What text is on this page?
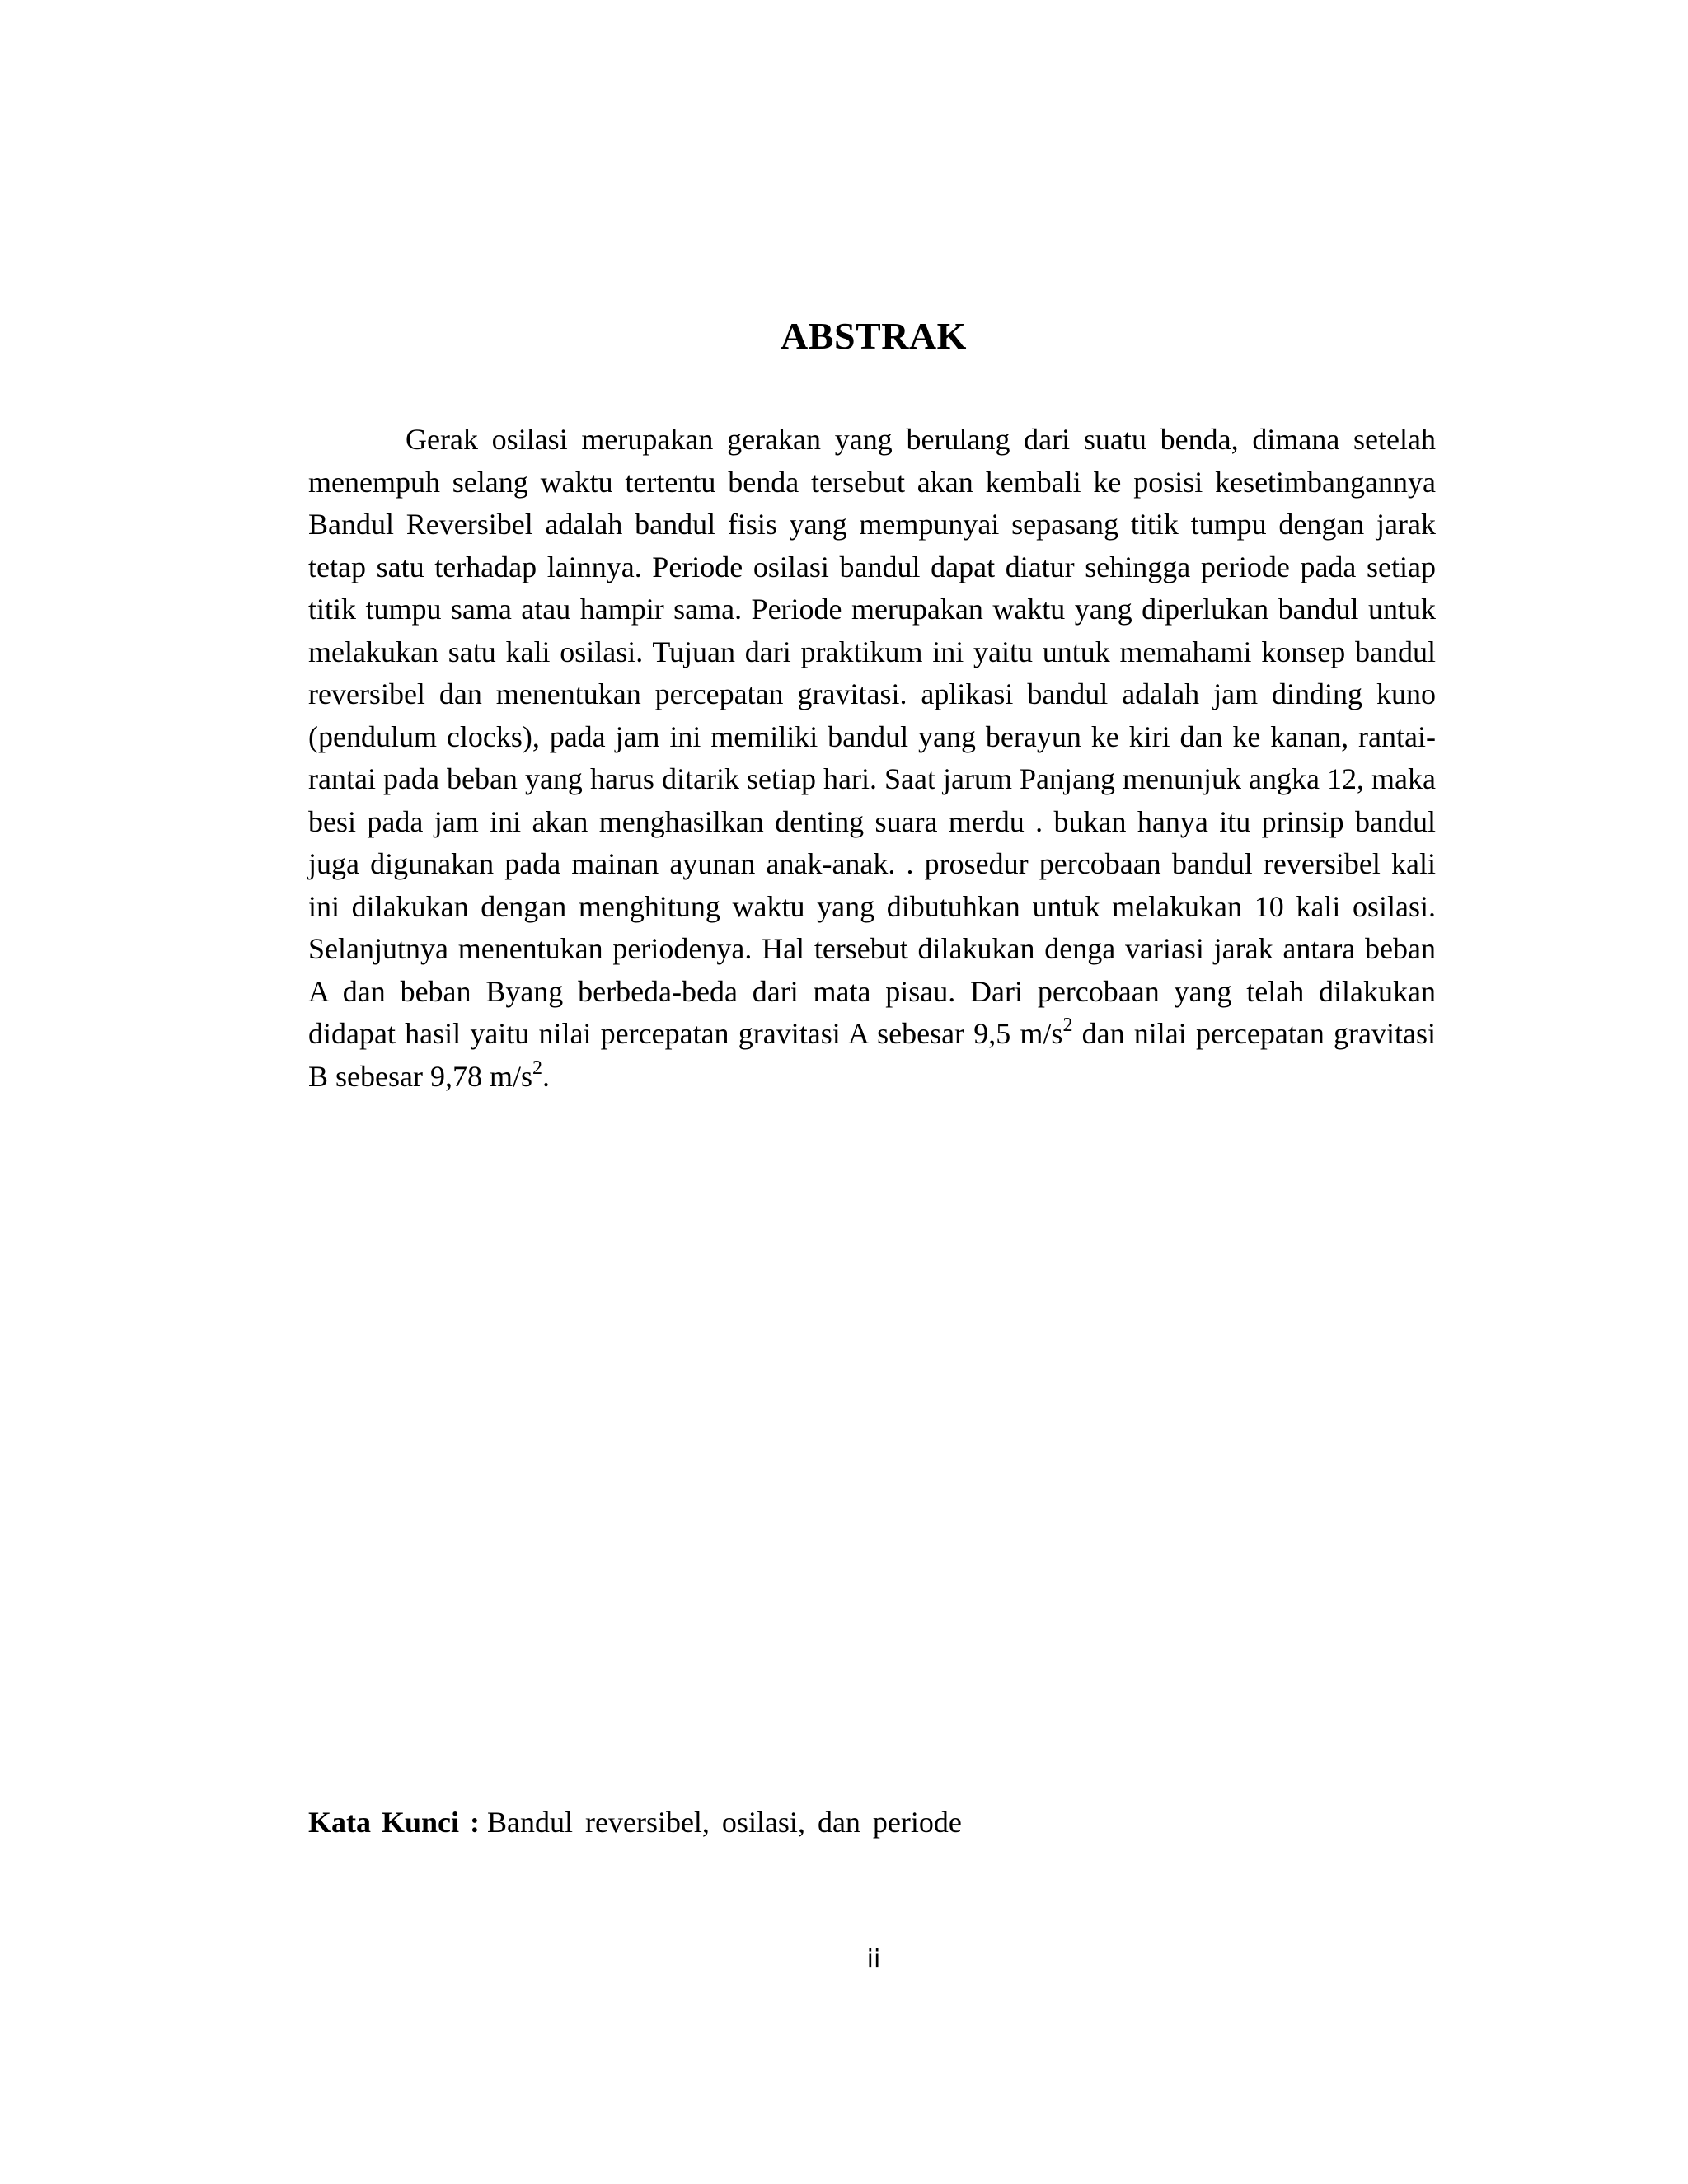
ABSTRAK

Gerak osilasi merupakan gerakan yang berulang dari suatu benda, dimana setelah menempuh selang waktu tertentu benda tersebut akan kembali ke posisi kesetimbangannya Bandul Reversibel adalah bandul fisis yang mempunyai sepasang titik tumpu dengan jarak tetap satu terhadap lainnya. Periode osilasi bandul dapat diatur sehingga periode pada setiap titik tumpu sama atau hampir sama. Periode merupakan waktu yang diperlukan bandul untuk melakukan satu kali osilasi. Tujuan dari praktikum ini yaitu untuk memahami konsep bandul reversibel dan menentukan percepatan gravitasi. aplikasi bandul adalah jam dinding kuno (pendulum clocks), pada jam ini memiliki bandul yang berayun ke kiri dan ke kanan, rantai-rantai pada beban yang harus ditarik setiap hari. Saat jarum Panjang menunjuk angka 12, maka besi pada jam ini akan menghasilkan denting suara merdu . bukan hanya itu prinsip bandul juga digunakan pada mainan ayunan anak-anak. . prosedur percobaan bandul reversibel kali ini dilakukan dengan menghitung waktu yang dibutuhkan untuk melakukan 10 kali osilasi. Selanjutnya menentukan periodenya. Hal tersebut dilakukan denga variasi jarak antara beban A dan beban Byang berbeda-beda dari mata pisau. Dari percobaan yang telah dilakukan didapat hasil yaitu nilai percepatan gravitasi A sebesar 9,5 $m/s^2$ dan nilai percepatan gravitasi B sebesar 9,78 $m/s^2$.

Kata Kunci : Bandul reversibel, osilasi, dan periode
ii
